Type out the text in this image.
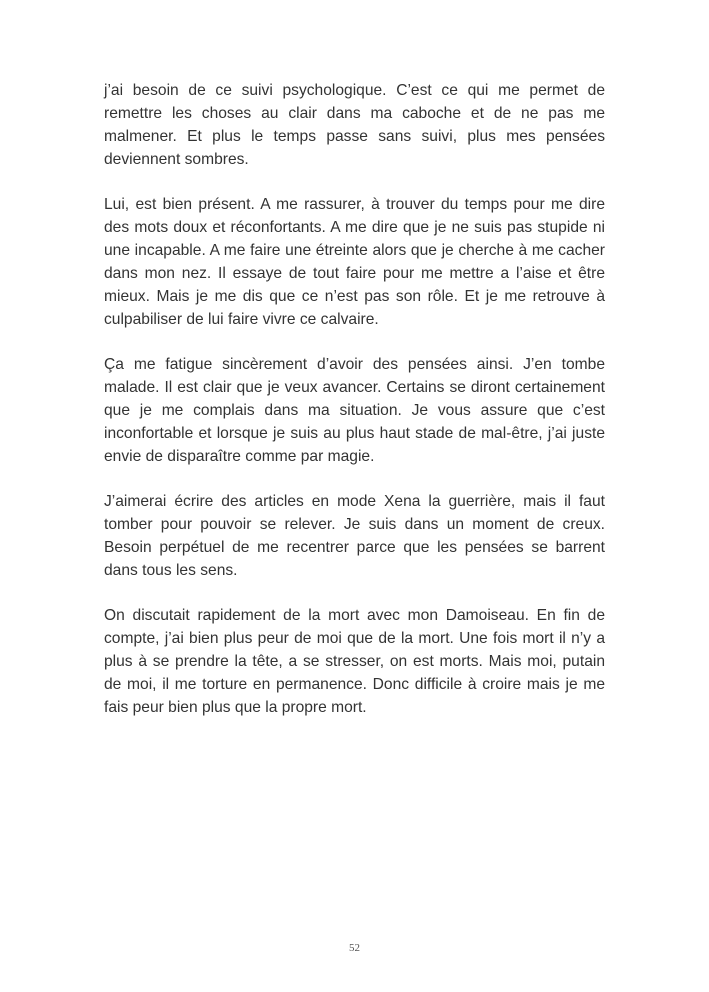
j’ai besoin de ce suivi psychologique. C’est ce qui me permet de remettre les choses au clair dans ma caboche et de ne pas me malmener. Et plus le temps passe sans suivi, plus mes pensées deviennent sombres.

Lui, est bien présent. A me rassurer, à trouver du temps pour me dire des mots doux et réconfortants. A me dire que je ne suis pas stupide ni une incapable. A me faire une étreinte alors que je cherche à me cacher dans mon nez. Il essaye de tout faire pour me mettre a l’aise et être mieux. Mais je me dis que ce n’est pas son rôle. Et je me retrouve à culpabiliser de lui faire vivre ce calvaire.

Ça me fatigue sincèrement d’avoir des pensées ainsi. J’en tombe malade. Il est clair que je veux avancer. Certains se diront certainement que je me complais dans ma situation. Je vous assure que c’est inconfortable et lorsque je suis au plus haut stade de mal-être, j’ai juste envie de disparaître comme par magie.

J’aimerai écrire des articles en mode Xena la guerrière, mais il faut tomber pour pouvoir se relever. Je suis dans un moment de creux. Besoin perpétuel de me recentrer parce que les pensées se barrent dans tous les sens.

On discutait rapidement de la mort avec mon Damoiseau. En fin de compte, j’ai bien plus peur de moi que de la mort. Une fois mort il n’y a plus à se prendre la tête, a se stresser, on est morts. Mais moi, putain de moi, il me torture en permanence. Donc difficile à croire mais je me fais peur bien plus que la propre mort.

52
